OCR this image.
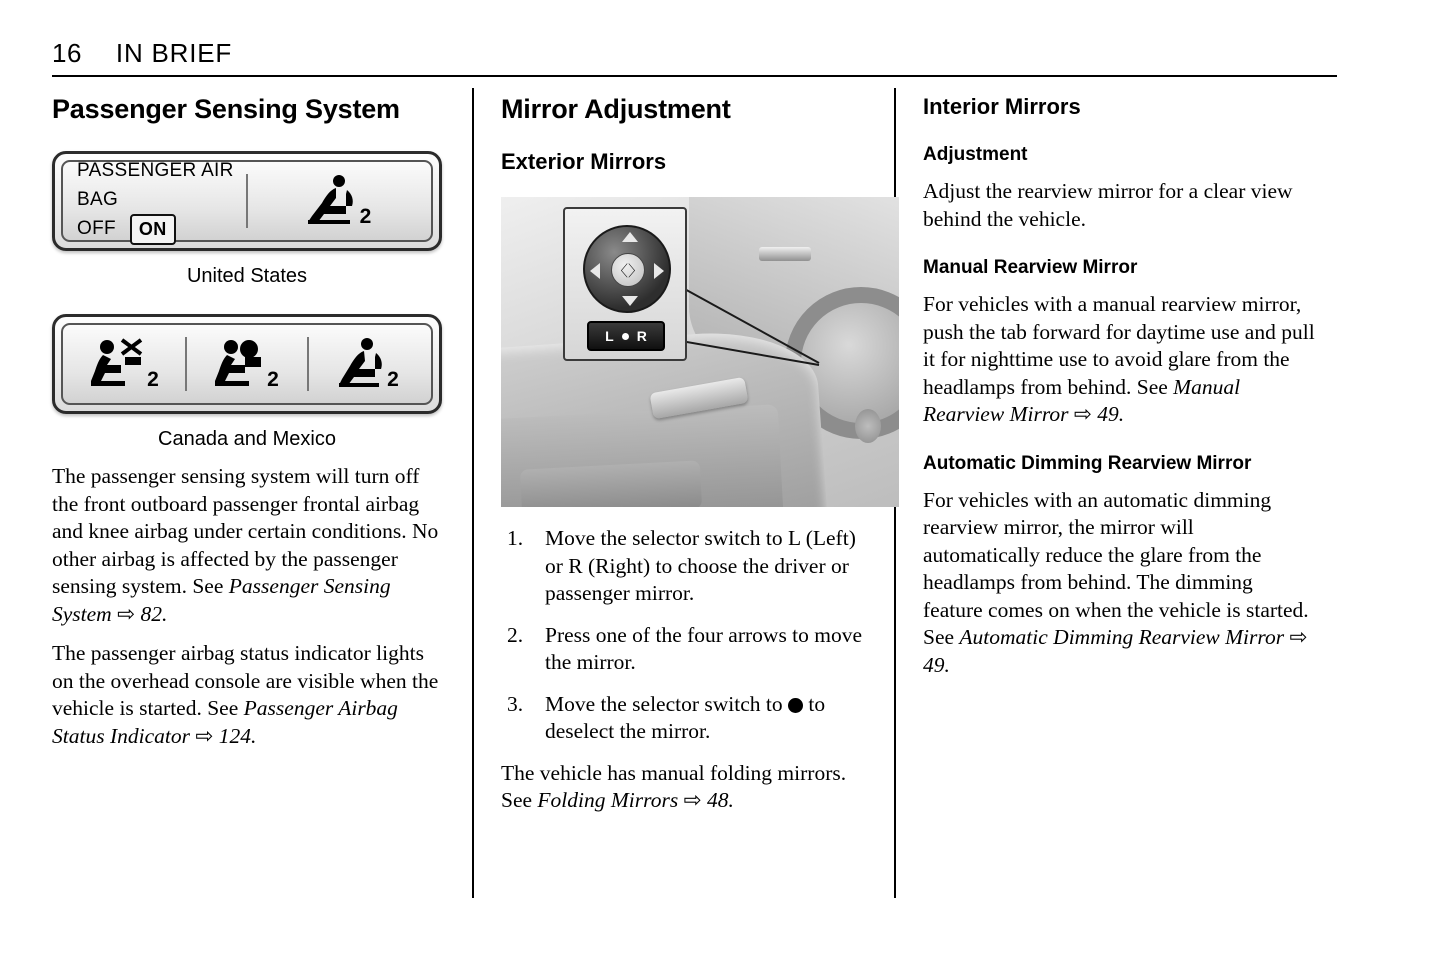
16 IN BRIEF
Passenger Sensing System
PASSENGER AIR BAG
OFF	ON
2
United States
2	2	2
Canada and Mexico

The passenger sensing system will turn off the front outboard passenger frontal airbag and knee airbag under certain conditions. No other airbag is affected by the passenger sensing system. See Passenger Sensing System ⇨ 82.

The passenger airbag status indicator lights on the overhead console are visible when the vehicle is started. See Passenger Airbag Status Indicator ⇨ 124.

Mirror Adjustment
Exterior Mirrors
〈〉
L R
1.	Move the selector switch to L (Left) or R (Right) to choose the driver or passenger mirror.
2.	Press one of the four arrows to move the mirror.
3.	Move the selector switch to  to deselect the mirror.

The vehicle has manual folding mirrors. See Folding Mirrors ⇨ 48.

Interior Mirrors
Adjustment

Adjust the rearview mirror for a clear view behind the vehicle.

Manual Rearview Mirror

For vehicles with a manual rearview mirror, push the tab forward for daytime use and pull it for nighttime use to avoid glare from the headlamps from behind. See Manual Rearview Mirror ⇨ 49.

Automatic Dimming Rearview Mirror

For vehicles with an automatic dimming rearview mirror, the mirror will automatically reduce the glare from the headlamps from behind. The dimming feature comes on when the vehicle is started. See Automatic Dimming Rearview Mirror ⇨ 49.
